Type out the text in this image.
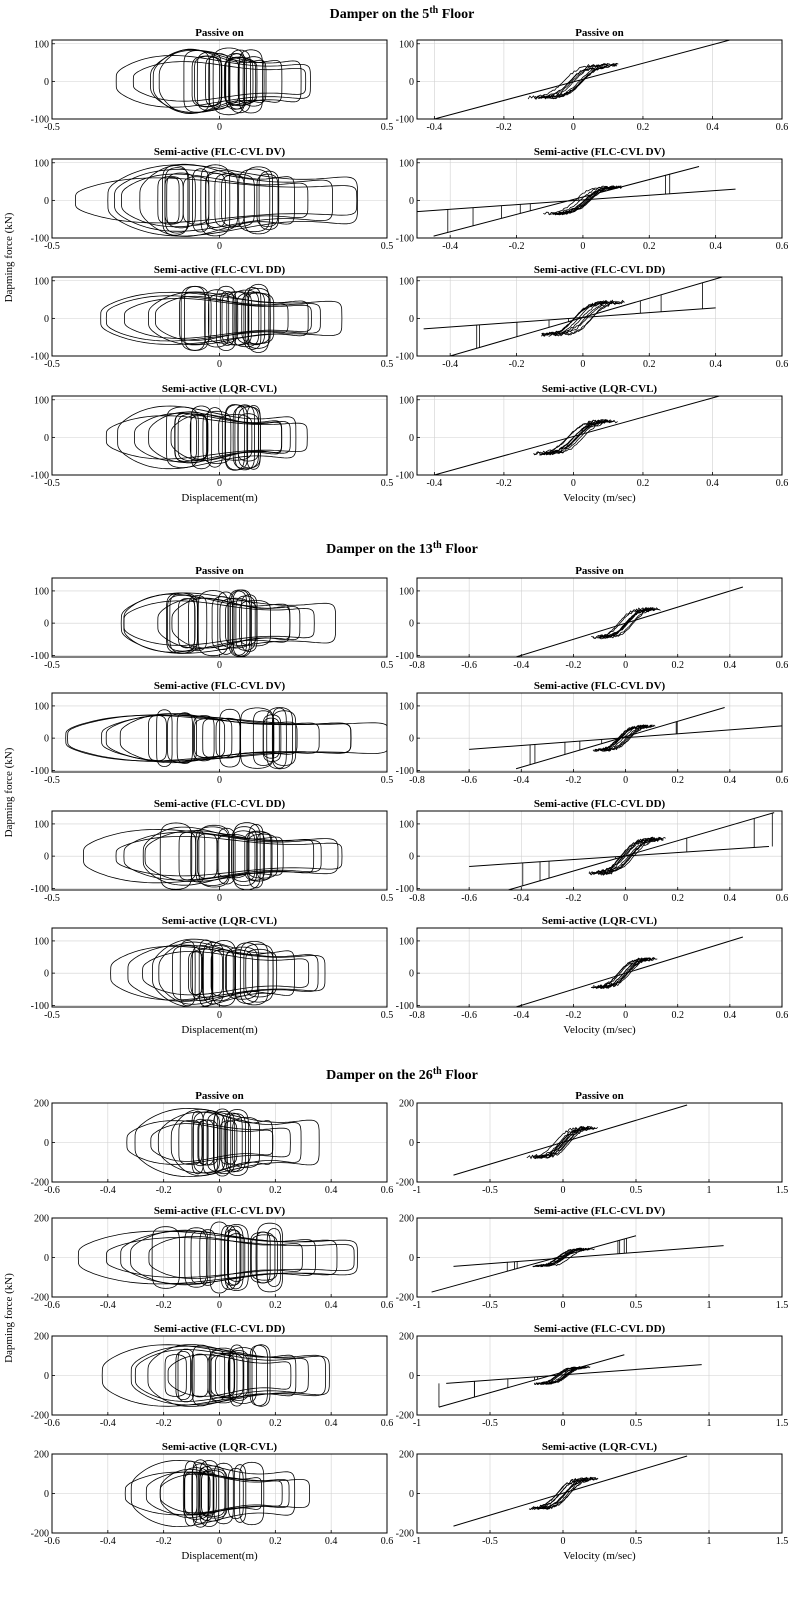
Damper on the 5th Floor
Dapming force (kN)
Displacement(m)	Velocity (m/sec)
Damper on the 13th Floor
Dapming force (kN)
Displacement(m)	Velocity (m/sec)
Damper on the 26th Floor
Dapming force (kN)
Displacement(m)	Velocity (m/sec)
Passive on
-0.5	0	0.5
-100
0
100
Passive on
-0.4	-0.2	0	0.2	0.4	0.6
-100
0
100
Semi-active (FLC-CVL DV)
-0.5	0	0.5
-100
0
100
Semi-active (FLC-CVL DV)
-0.4	-0.2	0	0.2	0.4	0.6
-100
0
100
Semi-active (FLC-CVL DD)
-0.5	0	0.5
-100
0
100
Semi-active (FLC-CVL DD)
-0.4	-0.2	0	0.2	0.4	0.6
-100
0
100
Semi-active (LQR-CVL)
-0.5	0	0.5
-100
0
100
Semi-active (LQR-CVL)
-0.4	-0.2	0	0.2	0.4	0.6
-100
0
100
Passive on
-0.5	0	0.5
-100
0
100
Passive on
-0.8	-0.6	-0.4	-0.2	0	0.2	0.4	0.6
-100
0
100
Semi-active (FLC-CVL DV)
-0.5	0	0.5
-100
0
100
Semi-active (FLC-CVL DV)
-0.8	-0.6	-0.4	-0.2	0	0.2	0.4	0.6
-100
0
100
Semi-active (FLC-CVL DD)
-0.5	0	0.5
-100
0
100
Semi-active (FLC-CVL DD)
-0.8	-0.6	-0.4	-0.2	0	0.2	0.4	0.6
-100
0
100
Semi-active (LQR-CVL)
-0.5	0	0.5
-100
0
100
Semi-active (LQR-CVL)
-0.8	-0.6	-0.4	-0.2	0	0.2	0.4	0.6
-100
0
100
Passive on
-0.6	-0.4	-0.2	0	0.2	0.4	0.6
-200
0
200
Passive on
-1	-0.5	0	0.5	1	1.5
-200
0
200
Semi-active (FLC-CVL DV)
-0.6	-0.4	-0.2	0	0.2	0.4	0.6
-200
0
200
Semi-active (FLC-CVL DV)
-1	-0.5	0	0.5	1	1.5
-200
0
200
Semi-active (FLC-CVL DD)
-0.6	-0.4	-0.2	0	0.2	0.4	0.6
-200
0
200
Semi-active (FLC-CVL DD)
-1	-0.5	0	0.5	1	1.5
-200
0
200
Semi-active (LQR-CVL)
-0.6	-0.4	-0.2	0	0.2	0.4	0.6
-200
0
200
Semi-active (LQR-CVL)
-1	-0.5	0	0.5	1	1.5
-200
0
200
